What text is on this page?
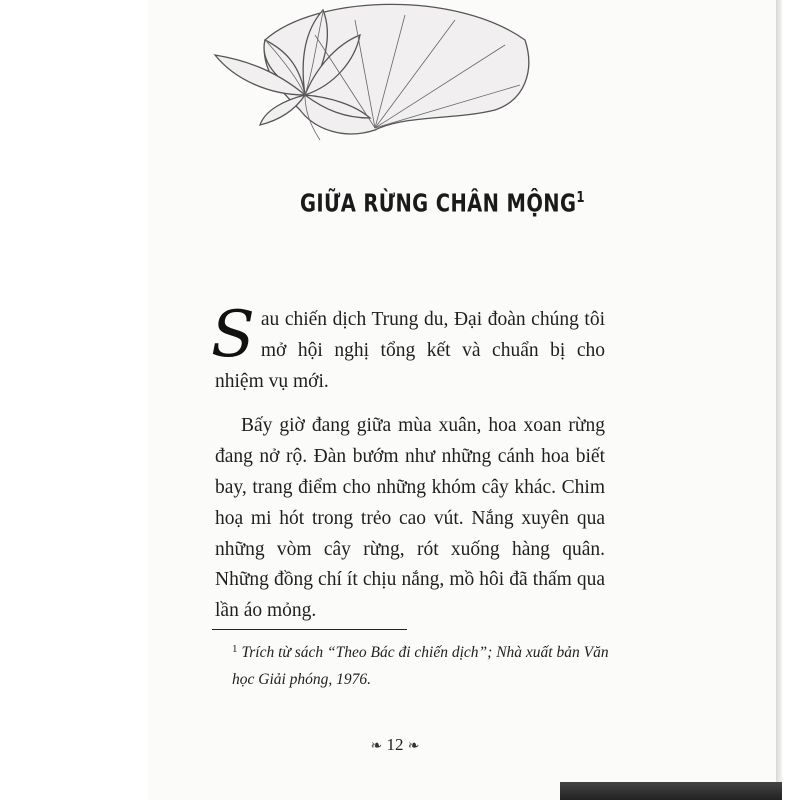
GIỮA RỪNG CHÂN MỘNG$^1$

Sau chiến dịch Trung du, Đại đoàn chúng tôi mở hội nghị tổng kết và chuẩn bị cho nhiệm vụ mới.

Bấy giờ đang giữa mùa xuân, hoa xoan rừng đang nở rộ. Đàn bướm như những cánh hoa biết bay, trang điểm cho những khóm cây khác. Chim hoạ mi hót trong trẻo cao vút. Nắng xuyên qua những vòm cây rừng, rót xuống hàng quân. Những đồng chí ít chịu nắng, mồ hôi đã thấm qua lần áo mỏng.

$^1$ Trích từ sách “Theo Bác đi chiến dịch”; Nhà xuất bản Văn học Giải phóng, 1976.
❧ 12 ❧
